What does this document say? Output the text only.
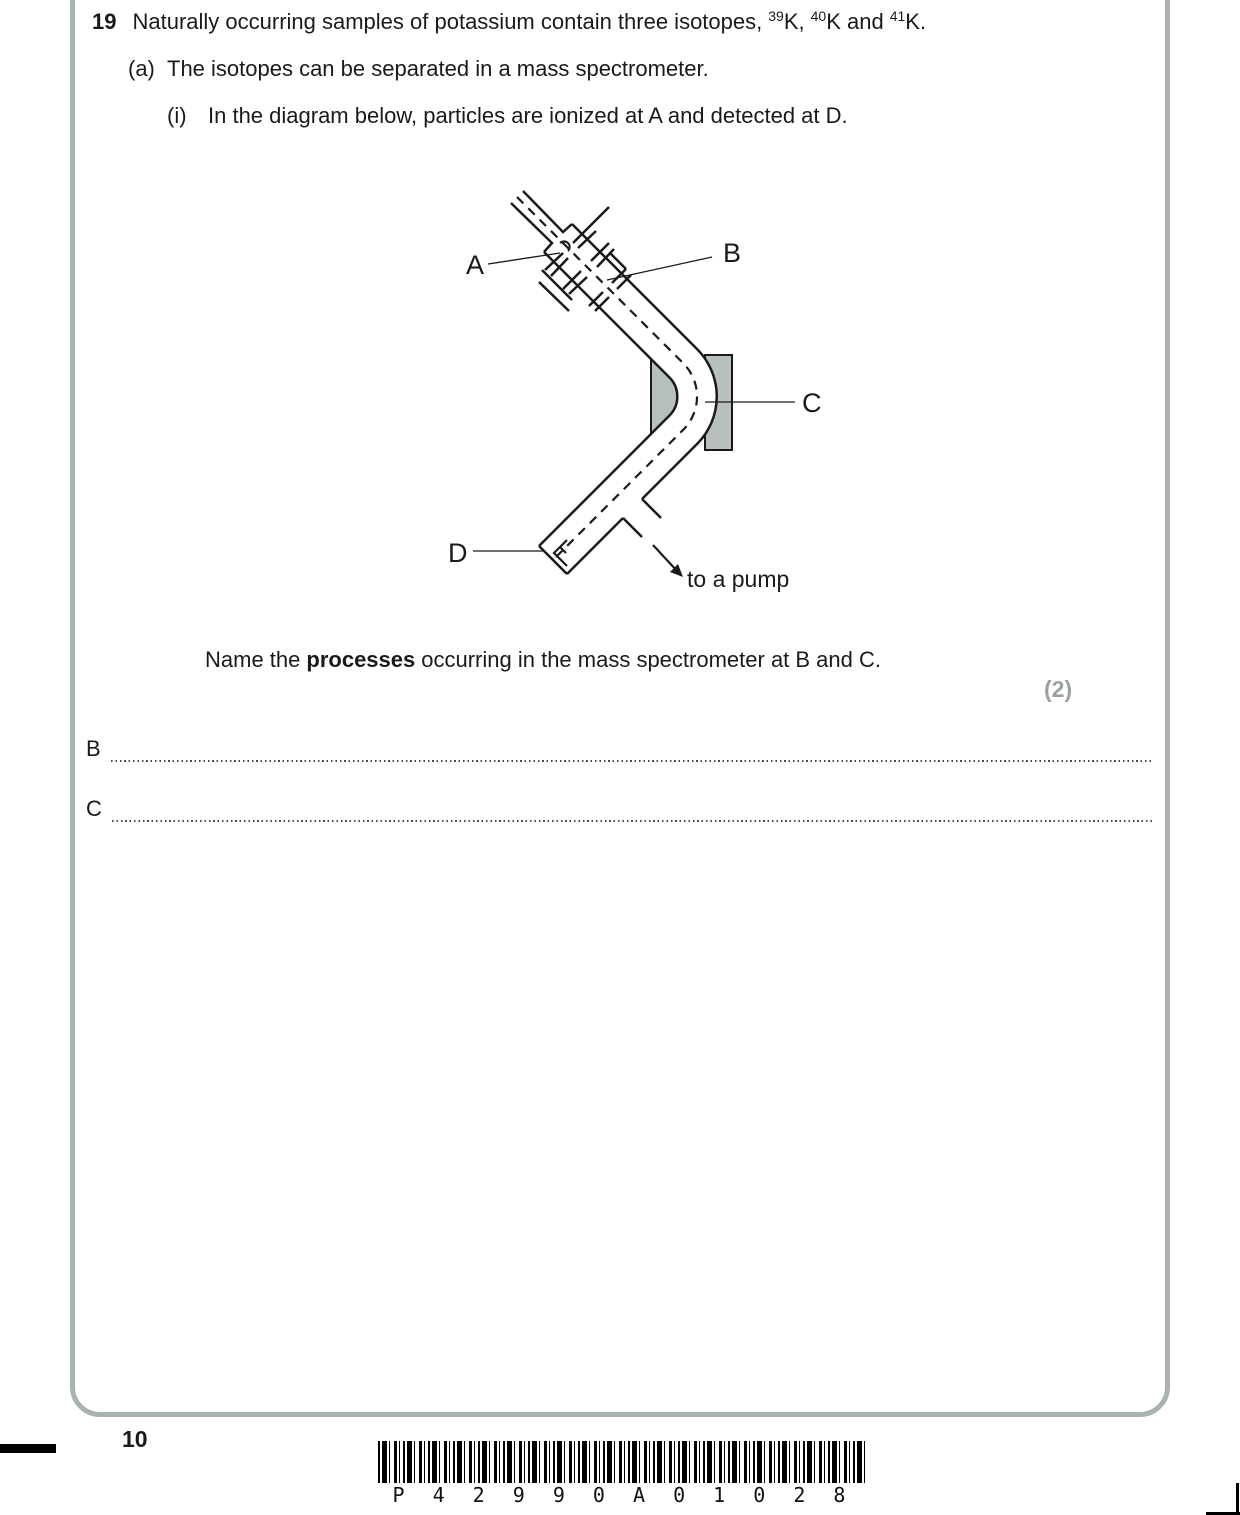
19 Naturally occurring samples of potassium contain three isotopes, $^{39}$K, $^{40}$K and $^{41}$K.
(a) The isotopes can be separated in a mass spectrometer.
(i) In the diagram below, particles are ionized at A and detected at D.
A	B
C
D
to a pump
Name the processes occurring in the mass spectrometer at B and C.
(2)
B
C
10
P 4 2 9 9 0 A 0 1 0 2 8
